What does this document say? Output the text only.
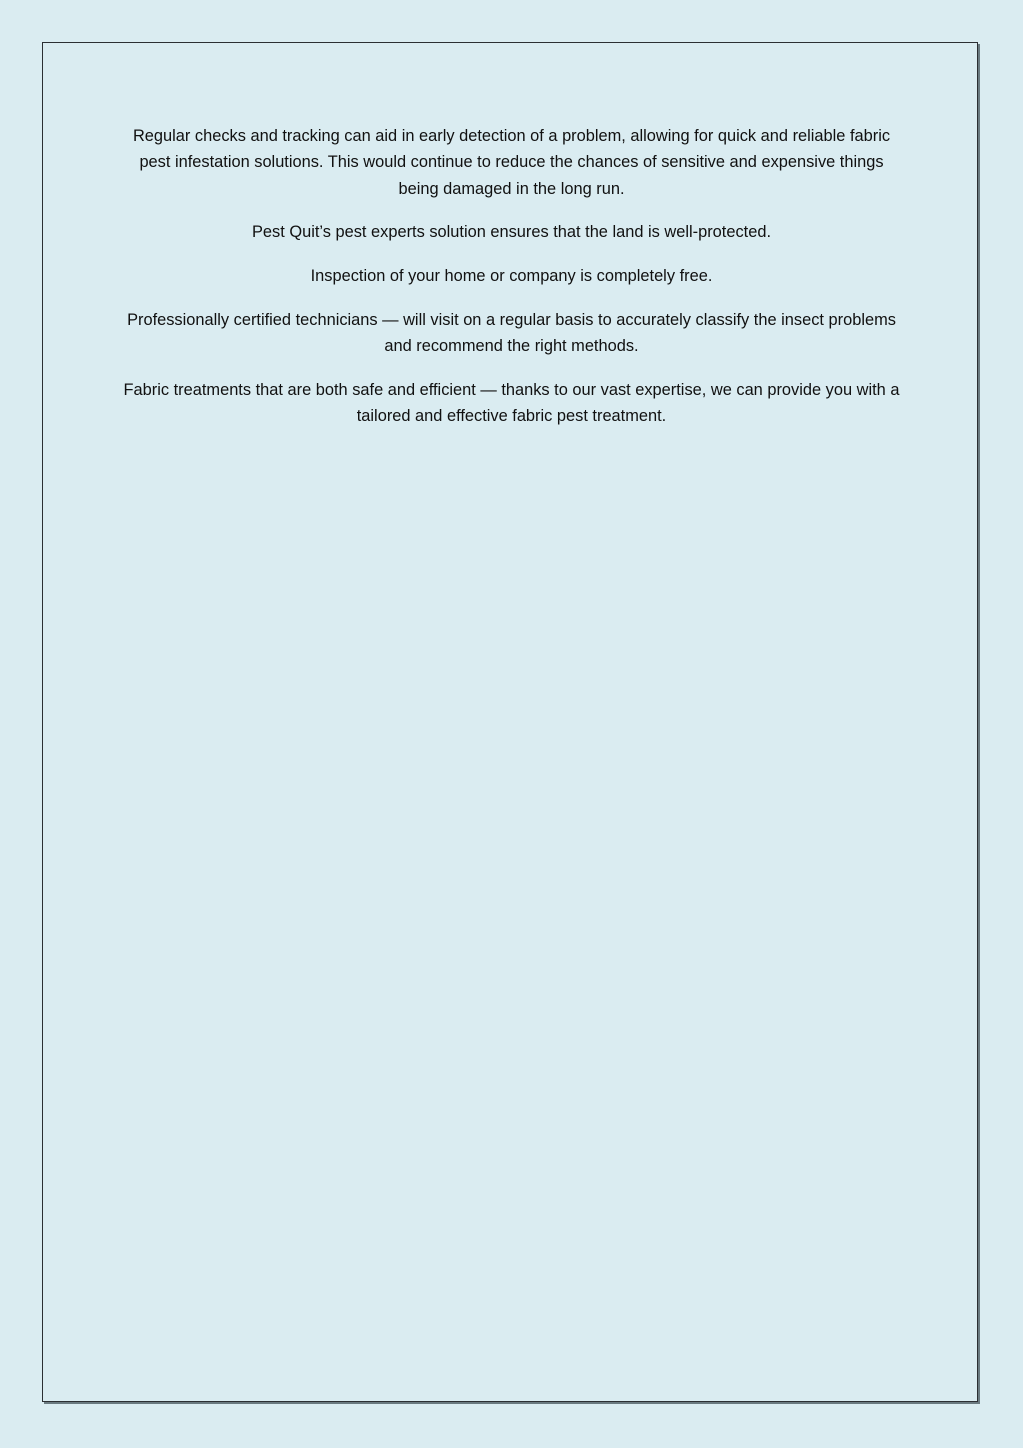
Regular checks and tracking can aid in early detection of a problem, allowing for quick and reliable fabric pest infestation solutions. This would continue to reduce the chances of sensitive and expensive things being damaged in the long run.

Pest Quit’s pest experts solution ensures that the land is well-protected.

Inspection of your home or company is completely free.

Professionally certified technicians — will visit on a regular basis to accurately classify the insect problems and recommend the right methods.

Fabric treatments that are both safe and efficient — thanks to our vast expertise, we can provide you with a tailored and effective fabric pest treatment.
